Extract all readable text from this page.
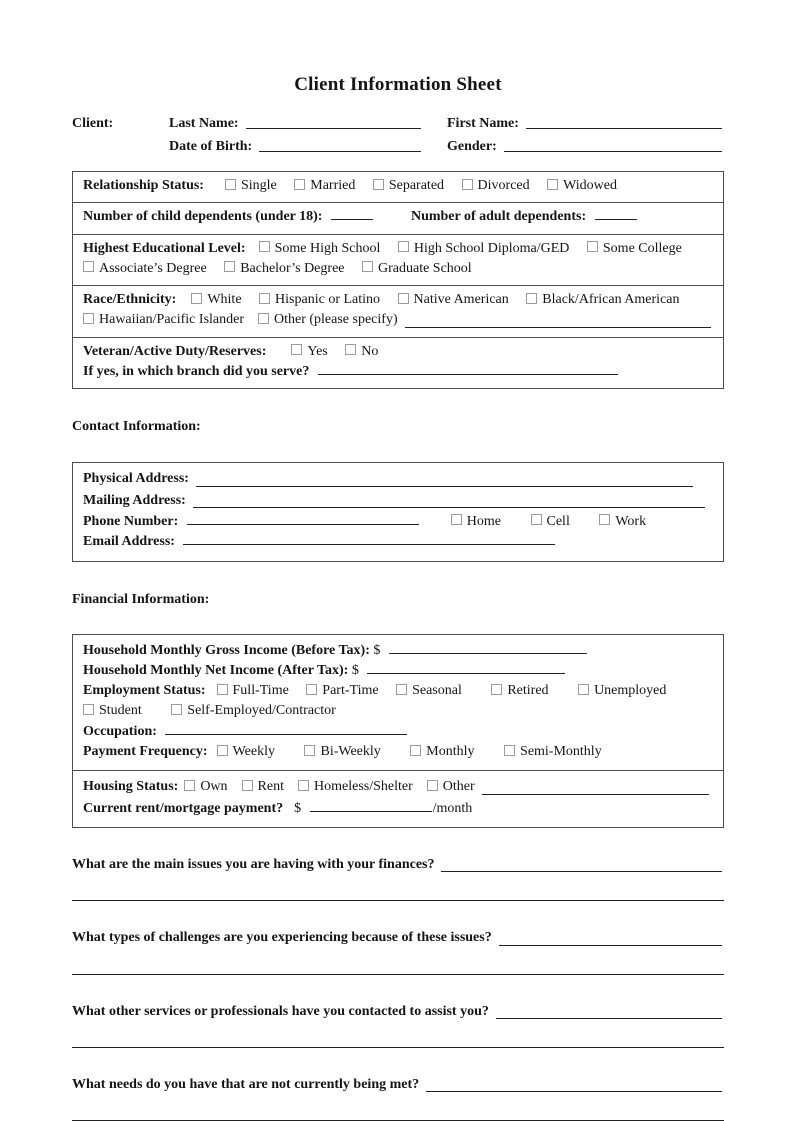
Client Information Sheet
Client:	Last Name:	First Name:
Date of Birth:	Gender:
Relationship Status:	Single Married Separated Divorced Widowed
Number of child dependents (under 18):	Number of adult dependents:
Highest Educational Level: Some High School High School Diploma/GED Some College
Associate’s Degree Bachelor’s Degree Graduate School
Race/Ethnicity: White Hispanic or Latino Native American Black/African American
Hawaiian/Pacific Islander	Other (please specify)
Veteran/Active Duty/Reserves:	Yes No
If yes, in which branch did you serve?
Contact Information:
Physical Address:
Mailing Address:
Phone Number:	Home	Cell	Work
Email Address:
Financial Information:
Household Monthly Gross Income (Before Tax): $
Household Monthly Net Income (After Tax): $
Employment Status: Full-Time Part-Time Seasonal	Retired	Unemployed
Student	Self-Employed/Contractor
Occupation:
Payment Frequency: Weekly	Bi-Weekly	Monthly	Semi-Monthly
Housing Status:	Own	Rent	Homeless/Shelter	Other
Current rent/mortgage payment? $	/month
What are the main issues you are having with your finances?
What types of challenges are you experiencing because of these issues?
What other services or professionals have you contacted to assist you?
What needs do you have that are not currently being met?
